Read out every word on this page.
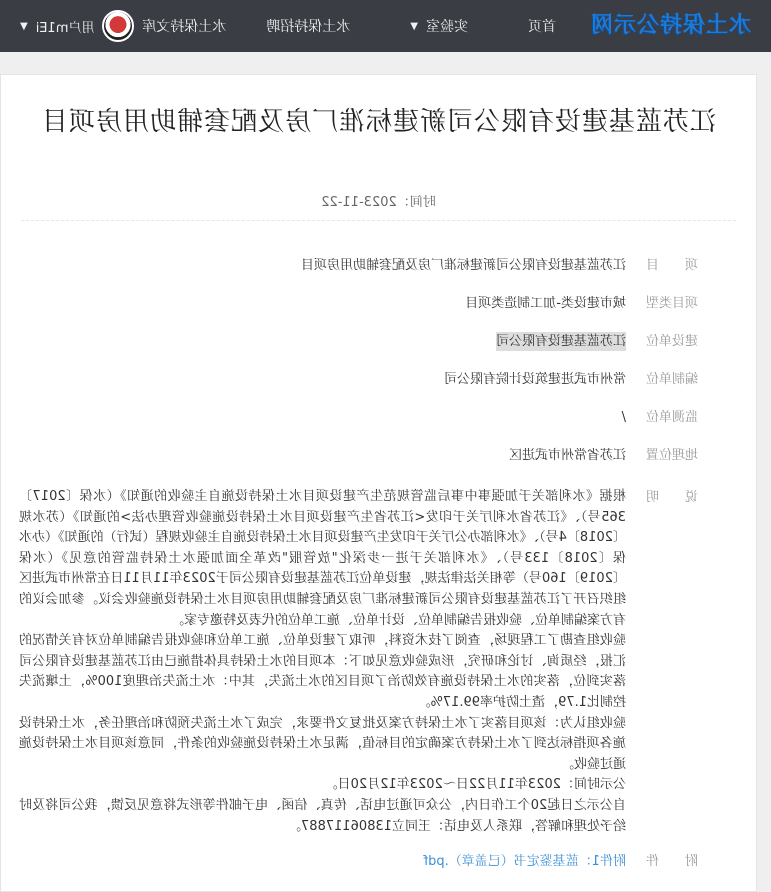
水土保持公示网
首页
实验室
▼
水土保持招聘
水土保持文库
用户m1Ei
▼
江苏蓝基建设有限公司新建标准厂房及配套辅助用房项目
时间：2023-11-22
项　　目
江苏蓝基建设有限公司新建标准厂房及配套辅助用房项目
项目类型
城市建设类-加工制造类项目
建设单位
江苏蓝基建设有限公司
编制单位
常州市武进建筑设计院有限公司
监测单位
/
地理位置
江苏省常州市武进区
说　　明
根据《水利部关于加强事中事后监管规范生产建设项目水土保持设施自主验收的通知》（水保〔2017〕365号）、《江苏省水利厅关于印发<江苏省生产建设项目水土保持设施验收管理办法>的通知》（苏水规〔2018〕4号）、《水利部办公厅关于印发生产建设项目水土保持设施自主验收规程（试行）的通知》（办水保〔2018〕133号）、《水利部关于进一步深化"放管服"改革全面加强水土保持监管的意见》（水保〔2019〕160号）等相关法律法规，建设单位江苏蓝基建设有限公司于2023年11月11日在常州市武进区组织召开了江苏蓝基建设有限公司新建标准厂房及配套辅助用房项目水土保持设施验收会议。参加会议的有方案编制单位、验收报告编制单位、设计单位、施工单位的代表及特邀专家。
验收组查勘了工程现场，查阅了技术资料，听取了建设单位、施工单位和验收报告编制单位对有关情况的汇报，经质询、讨论和研究，形成验收意见如下：本项目的水土保持具体措施已由江苏蓝基建设有限公司落实到位，落实的水土保持设施有效防治了项目区的水土流失，其中：水土流失治理度100%，土壤流失控制比1.79，渣土防护率99.17%。
验收组认为：该项目落实了水土保持方案及批复文件要求，完成了水土流失预防和治理任务，水土保持设施各项指标达到了水土保持方案确定的目标值，满足水土保持设施验收的条件，同意该项目水土保持设施通过验收。
公示时间：2023年11月22日～2023年12月20日。
自公示之日起20个工作日内，公众可通过电话、传真、信函、电子邮件等形式将意见反馈，我公司将及时给予处理和解答，联系人及电话：王同立13806117887。
附　　件
附件1：蓝基鉴定书（已盖章）.pdf
